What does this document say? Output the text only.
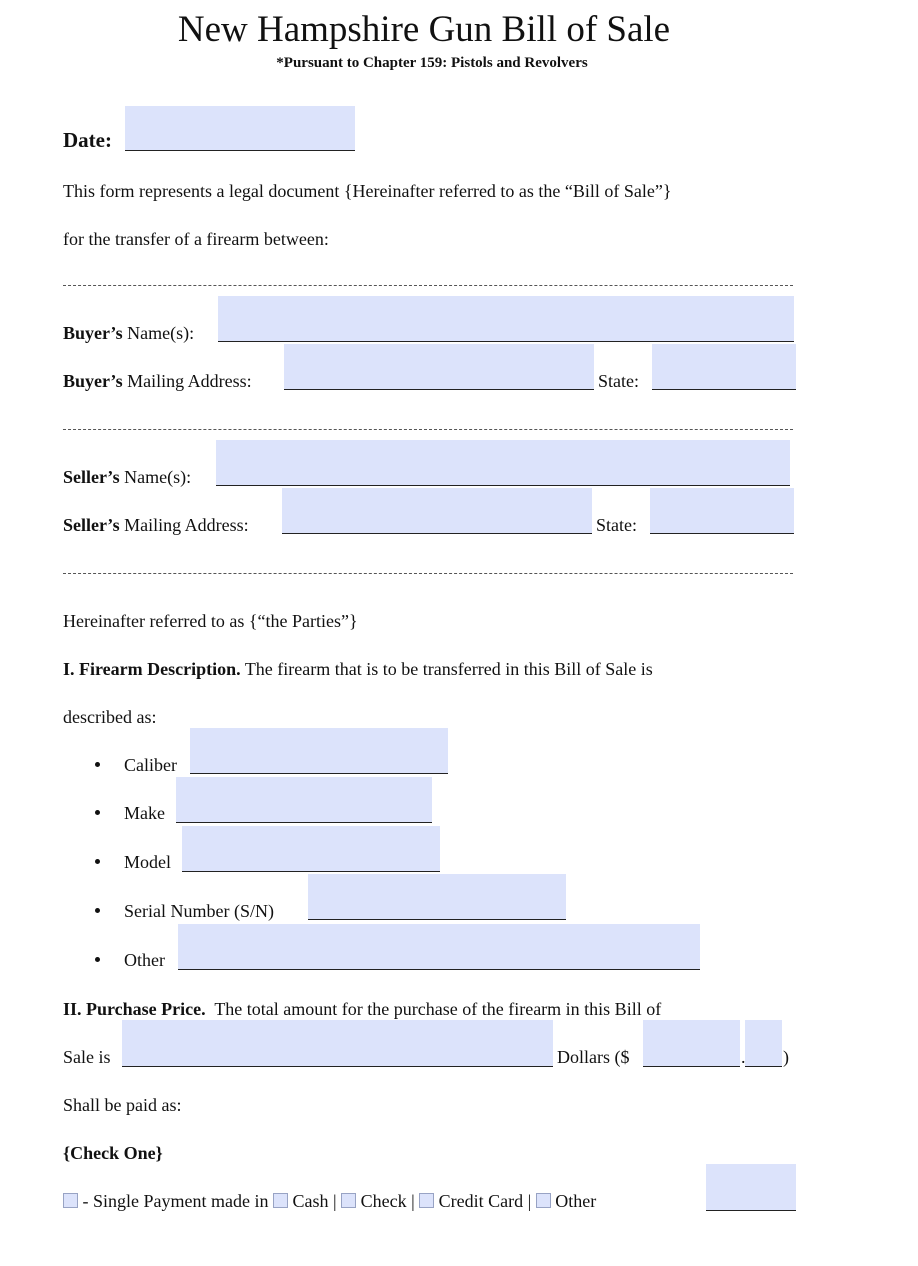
New Hampshire Gun Bill of Sale
*Pursuant to Chapter 159: Pistols and Revolvers
Date:
This form represents a legal document {Hereinafter referred to as the “Bill of Sale”}
for the transfer of a firearm between:
Buyer’s Name(s):
Buyer’s Mailing Address:	State:
Seller’s Name(s):
Seller’s Mailing Address:	State:
Hereinafter referred to as {“the Parties”}
I. Firearm Description. The firearm that is to be transferred in this Bill of Sale is
described as:
Caliber
Make
Model
Serial Number (S/N)
Other
II. Purchase Price.  The total amount for the purchase of the firearm in this Bill of
Sale is	Dollars ($	. )
Shall be paid as:
{Check One}
- Single Payment made in  Cash |  Check |  Credit Card |  Other
